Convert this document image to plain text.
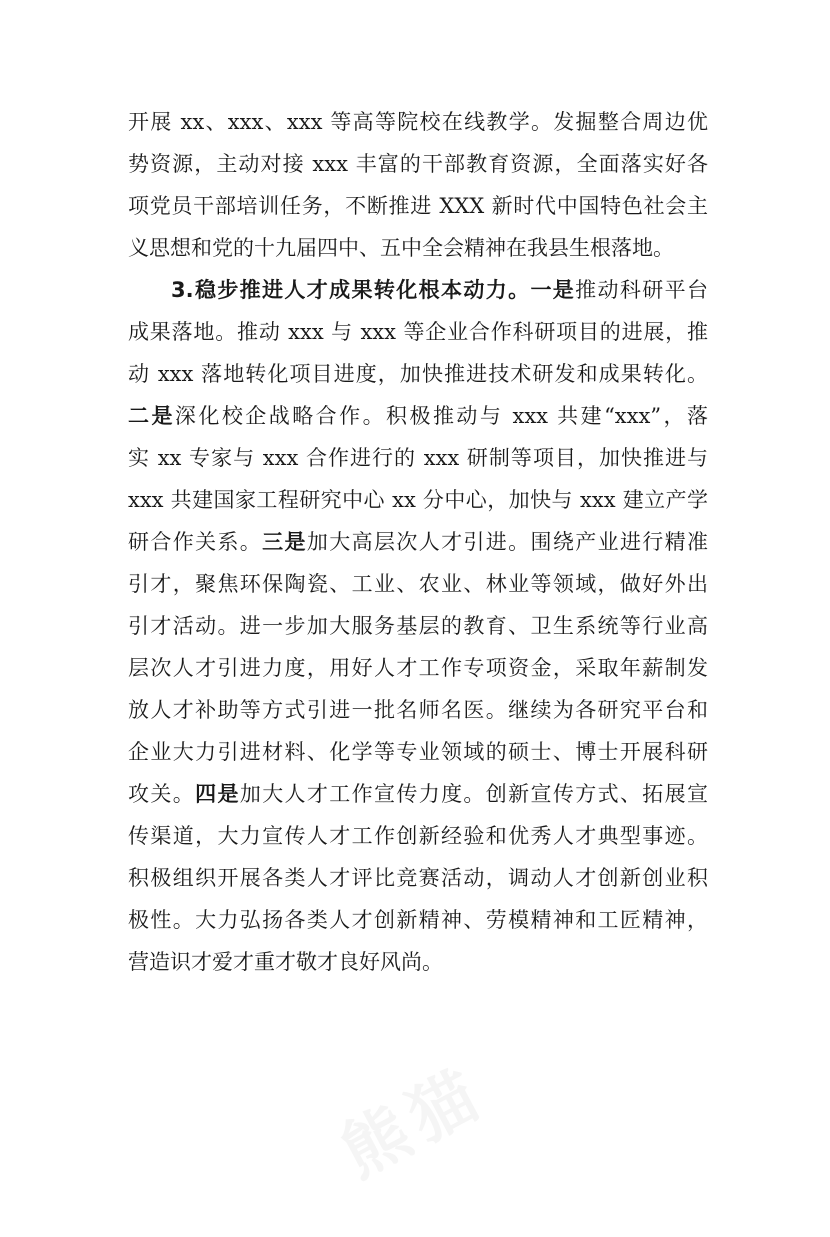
开展 xx、xxx、xxx 等高等院校在线教学。发掘整合周边优
势资源，主动对接 xxx 丰富的干部教育资源，全面落实好各
项党员干部培训任务，不断推进 XXX 新时代中国特色社会主
义思想和党的十九届四中、五中全会精神在我县生根落地。
3.稳步推进人才成果转化根本动力。一是推动科研平台
成果落地。推动 xxx 与 xxx 等企业合作科研项目的进展，推
动 xxx 落地转化项目进度，加快推进技术研发和成果转化。
二是深化校企战略合作。积极推动与 xxx 共建“xxx”，落
实 xx 专家与 xxx 合作进行的 xxx 研制等项目，加快推进与
xxx 共建国家工程研究中心 xx 分中心，加快与 xxx 建立产学
研合作关系。三是加大高层次人才引进。围绕产业进行精准
引才，聚焦环保陶瓷、工业、农业、林业等领域，做好外出
引才活动。进一步加大服务基层的教育、卫生系统等行业高
层次人才引进力度，用好人才工作专项资金，采取年薪制发
放人才补助等方式引进一批名师名医。继续为各研究平台和
企业大力引进材料、化学等专业领域的硕士、博士开展科研
攻关。四是加大人才工作宣传力度。创新宣传方式、拓展宣
传渠道，大力宣传人才工作创新经验和优秀人才典型事迹。
积极组织开展各类人才评比竞赛活动，调动人才创新创业积
极性。大力弘扬各类人才创新精神、劳模精神和工匠精神，
营造识才爱才重才敬才良好风尚。
熊猫
